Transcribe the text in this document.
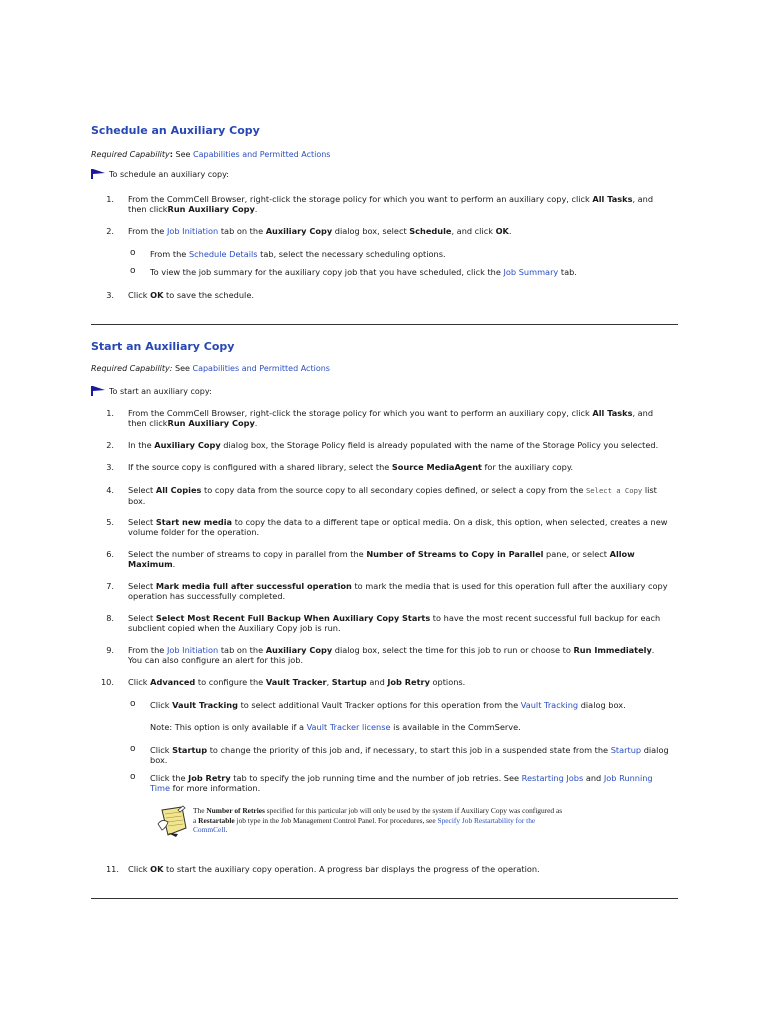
Schedule an Auxiliary Copy
Required Capability: See Capabilities and Permitted Actions
To schedule an auxiliary copy:
1. From the CommCell Browser, right-click the storage policy for which you want to perform an auxiliary copy, click All Tasks, and
then clickRun Auxiliary Copy.
2. From the Job Initiation tab on the Auxiliary Copy dialog box, select Schedule, and click OK.
o From the Schedule Details tab, select the necessary scheduling options.
o To view the job summary for the auxiliary copy job that you have scheduled, click the Job Summary tab.
3. Click OK to save the schedule.
Start an Auxiliary Copy
Required Capability: See Capabilities and Permitted Actions
To start an auxiliary copy:
1. From the CommCell Browser, right-click the storage policy for which you want to perform an auxiliary copy, click All Tasks, and
then clickRun Auxiliary Copy.
2. In the Auxiliary Copy dialog box, the Storage Policy field is already populated with the name of the Storage Policy you selected.
3. If the source copy is configured with a shared library, select the Source MediaAgent for the auxiliary copy.
4. Select All Copies to copy data from the source copy to all secondary copies defined, or select a copy from the Select a Copy list
box.
5. Select Start new media to copy the data to a different tape or optical media. On a disk, this option, when selected, creates a new
volume folder for the operation.
6. Select the number of streams to copy in parallel from the Number of Streams to Copy in Parallel pane, or select Allow
Maximum.
7. Select Mark media full after successful operation to mark the media that is used for this operation full after the auxiliary copy
operation has successfully completed.
8. Select Select Most Recent Full Backup When Auxiliary Copy Starts to have the most recent successful full backup for each
subclient copied when the Auxiliary Copy job is run.
9. From the Job Initiation tab on the Auxiliary Copy dialog box, select the time for this job to run or choose to Run Immediately.
You can also configure an alert for this job.
10. Click Advanced to configure the Vault Tracker, Startup and Job Retry options.
o Click Vault Tracking to select additional Vault Tracker options for this operation from the Vault Tracking dialog box.
Note: This option is only available if a Vault Tracker license is available in the CommServe.
o Click Startup to change the priority of this job and, if necessary, to start this job in a suspended state from the Startup dialog
box.
o Click the Job Retry tab to specify the job running time and the number of job retries. See Restarting Jobs and Job Running
Time for more information.
The Number of Retries specified for this particular job will only be used by the system if Auxiliary Copy was configured as
a Restartable job type in the Job Management Control Panel. For procedures, see Specify Job Restartability for the
CommCell.
11. Click OK to start the auxiliary copy operation. A progress bar displays the progress of the operation.
